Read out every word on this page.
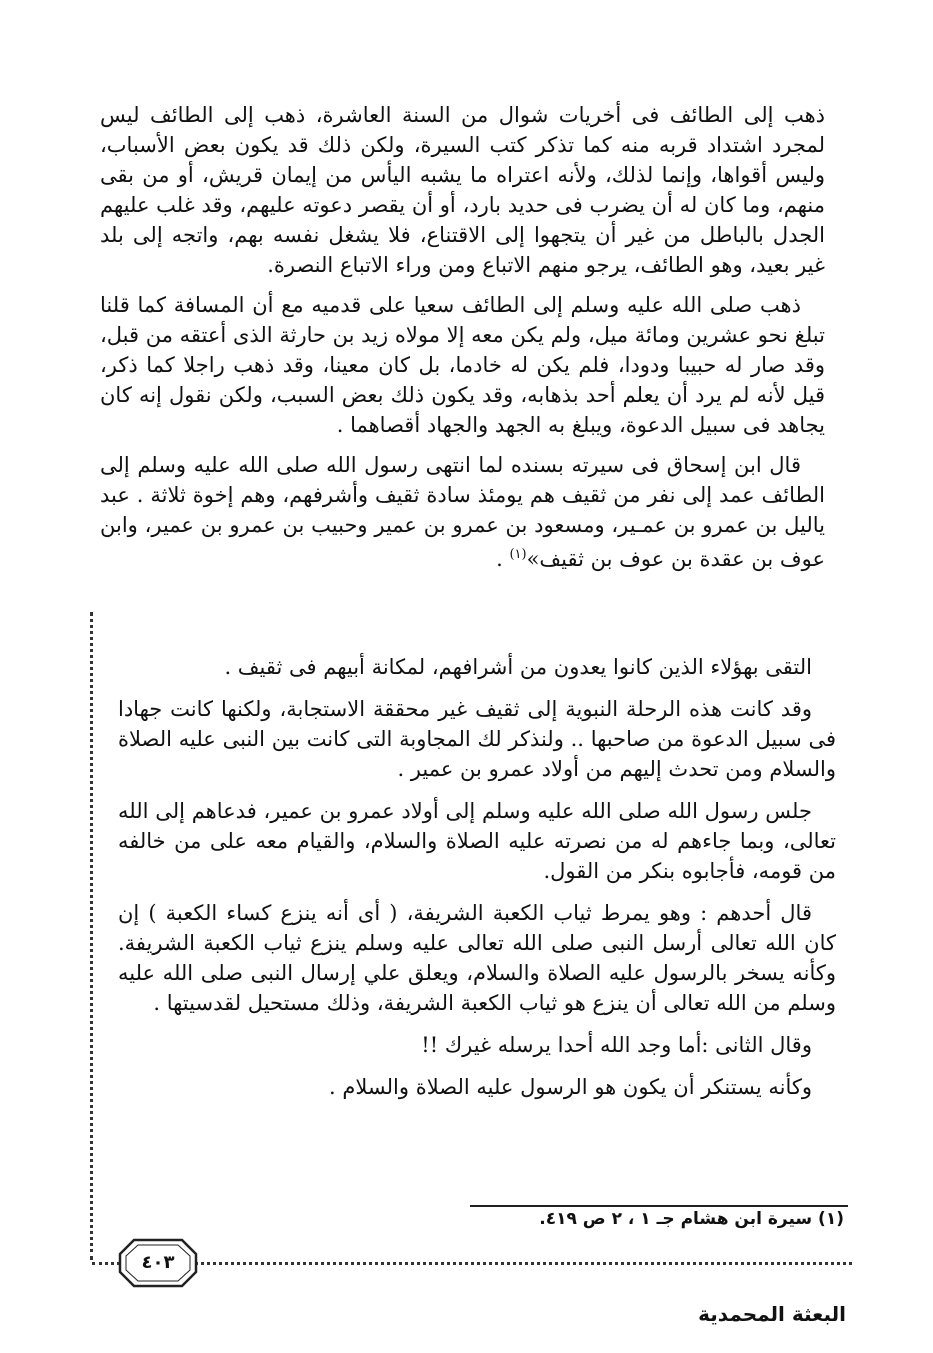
ذهب إلى الطائف فى أخريات شوال من السنة العاشرة، ذهب إلى الطائف ليس لمجرد اشتداد قربه منه كما تذكر كتب السيرة، ولكن ذلك قد يكون بعض الأسباب، وليس أقواها، وإنما لذلك، ولأنه اعتراه ما يشبه اليأس من إيمان قريش، أو من بقى منهم، وما كان له أن يضرب فى حديد بارد، أو أن يقصر دعوته عليهم، وقد غلب عليهم الجدل بالباطل من غير أن يتجهوا إلى الاقتناع، فلا يشغل نفسه بهم، واتجه إلى بلد غير بعيد، وهو الطائف، يرجو منهم الاتباع ومن وراء الاتباع النصرة.

ذهب صلى الله عليه وسلم إلى الطائف سعيا على قدميه مع أن المسافة كما قلنا تبلغ نحو عشرين ومائة ميل، ولم يكن معه إلا مولاه زيد بن حارثة الذى أعتقه من قبل، وقد صار له حبيبا ودودا، فلم يكن له خادما، بل كان معينا، وقد ذهب راجلا كما ذكر، قيل لأنه لم يرد أن يعلم أحد بذهابه، وقد يكون ذلك بعض السبب، ولكن نقول إنه كان يجاهد فى سبيل الدعوة، ويبلغ به الجهد والجهاد أقصاهما .

قال ابن إسحاق فى سيرته بسنده لما انتهى رسول الله صلى الله عليه وسلم إلى الطائف عمد إلى نفر من ثقيف هم يومئذ سادة ثقيف وأشرفهم، وهم إخوة ثلاثة . عبد ياليل بن عمرو بن عمـير، ومسعود بن عمرو بن عمير وحبيب بن عمرو بن عمير، وابن عوف بن عقدة بن عوف بن ثقيف»$^{(١)}$ .

التقى بهؤلاء الذين كانوا يعدون من أشرافهم، لمكانة أبيهم فى ثقيف .

وقد كانت هذه الرحلة النبوية إلى ثقيف غير محققة الاستجابة، ولكنها كانت جهادا فى سبيل الدعوة من صاحبها .. ولنذكر لك المجاوبة التى كانت بين النبى عليه الصلاة والسلام ومن تحدث إليهم من أولاد عمرو بن عمير .

جلس رسول الله صلى الله عليه وسلم إلى أولاد عمرو بن عمير، فدعاهم إلى الله تعالى، وبما جاءهم له من نصرته عليه الصلاة والسلام، والقيام معه على من خالفه من قومه، فأجابوه بنكر من القول.

قال أحدهم : وهو يمرط ثياب الكعبة الشريفة، ( أى أنه ينزع كساء الكعبة ) إن كان الله تعالى أرسل النبى صلى الله تعالى عليه وسلم ينزع ثياب الكعبة الشريفة. وكأنه يسخر بالرسول عليه الصلاة والسلام، ويعلق علي إرسال النبى صلى الله عليه وسلم من الله تعالى أن ينزع هو ثياب الكعبة الشريفة، وذلك مستحيل لقدسيتها .

وقال الثانى :أما وجد الله أحدا يرسله غيرك !!

وكأنه يستنكر أن يكون هو الرسول عليه الصلاة والسلام .

(١) سيرة ابن هشام جـ ١ ، ٢ ص ٤١٩.
٤٠٣
البعثة المحمدية
